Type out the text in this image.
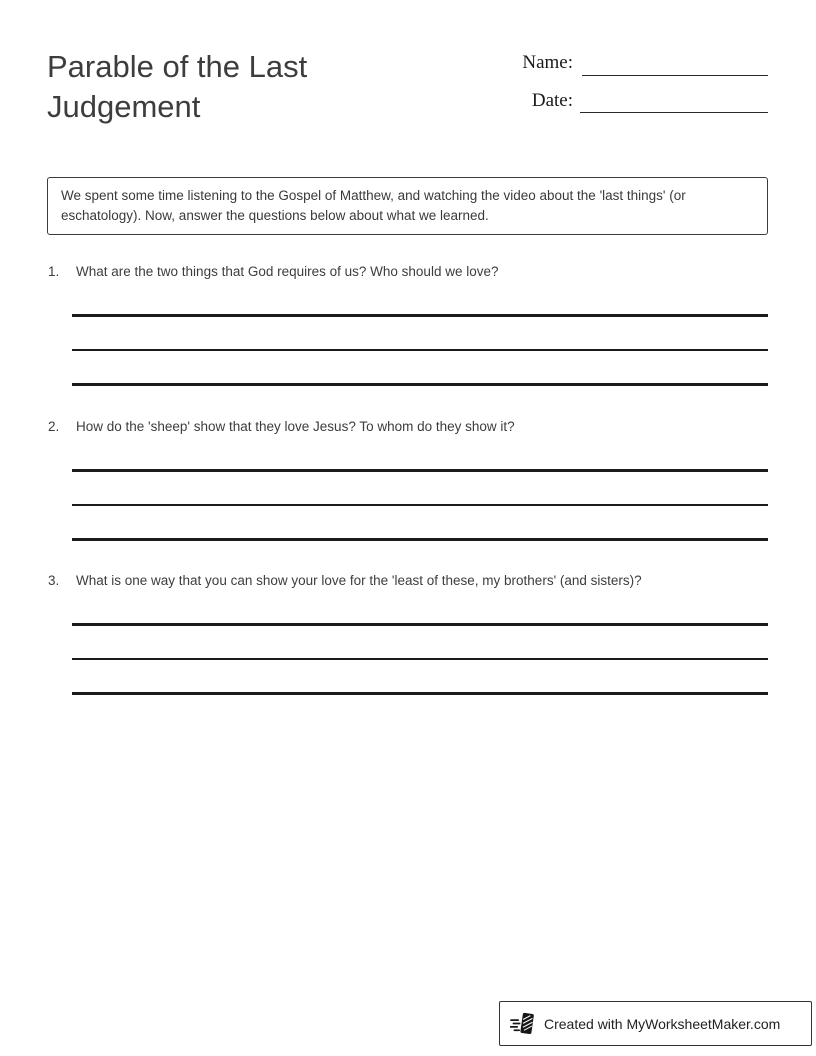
Parable of the Last Judgement
Name:
Date:

We spent some time listening to the Gospel of Matthew, and watching the video about the 'last things' (or eschatology). Now, answer the questions below about what we learned.

1.	What are the two things that God requires of us? Who should we love?
2.	How do the 'sheep' show that they love Jesus? To whom do they show it?
3.	What is one way that you can show your love for the 'least of these, my brothers' (and sisters)?
Created with MyWorksheetMaker.com
